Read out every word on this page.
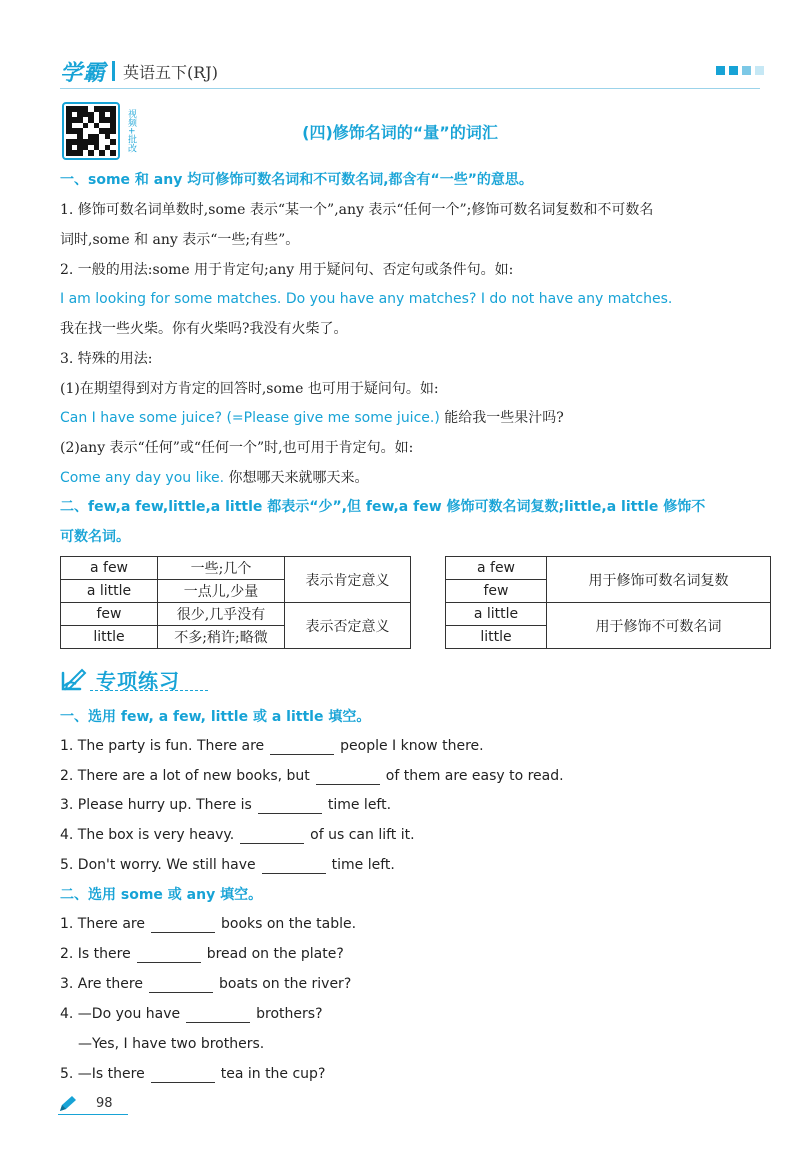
学霸 英语五下(RJ)
视频+批改	(四)修饰名词的“量”的词汇
一、some 和 any 均可修饰可数名词和不可数名词,都含有“一些”的意思。
1. 修饰可数名词单数时,some 表示“某一个”,any 表示“任何一个”;修饰可数名词复数和不可数名
词时,some 和 any 表示“一些;有些”。
2. 一般的用法:some 用于肯定句;any 用于疑问句、否定句或条件句。如:
I am looking for some matches. Do you have any matches? I do not have any matches.
我在找一些火柴。你有火柴吗?我没有火柴了。
3. 特殊的用法:
(1)在期望得到对方肯定的回答时,some 也可用于疑问句。如:
Can I have some juice? (=Please give me some juice.) 能给我一些果汁吗?
(2)any 表示“任何”或“任何一个”时,也可用于肯定句。如:
Come any day you like. 你想哪天来就哪天来。
二、few,a few,little,a little 都表示“少”,但 few,a few 修饰可数名词复数;little,a little 修饰不
可数名词。
a few	一些;几个	表示肯定意义
a little	一点儿,少量	
few	很少,几乎没有	表示否定意义
little	不多;稍许;略微	
a few	用于修饰可数名词复数
few	
a little	用于修饰不可数名词
little	
专项练习
一、选用 few, a few, little 或 a little 填空。
1. The party is fun. There are	people I know there.
2. There are a lot of new books, but	of them are easy to read.
3. Please hurry up. There is	time left.
4. The box is very heavy.	of us can lift it.
5. Don't worry. We still have	time left.
二、选用 some 或 any 填空。
1. There are	books on the table.
2. Is there	bread on the plate?
3. Are there	boats on the river?
4. —Do you have	brothers?
—Yes, I have two brothers.
5. —Is there	tea in the cup?
98
